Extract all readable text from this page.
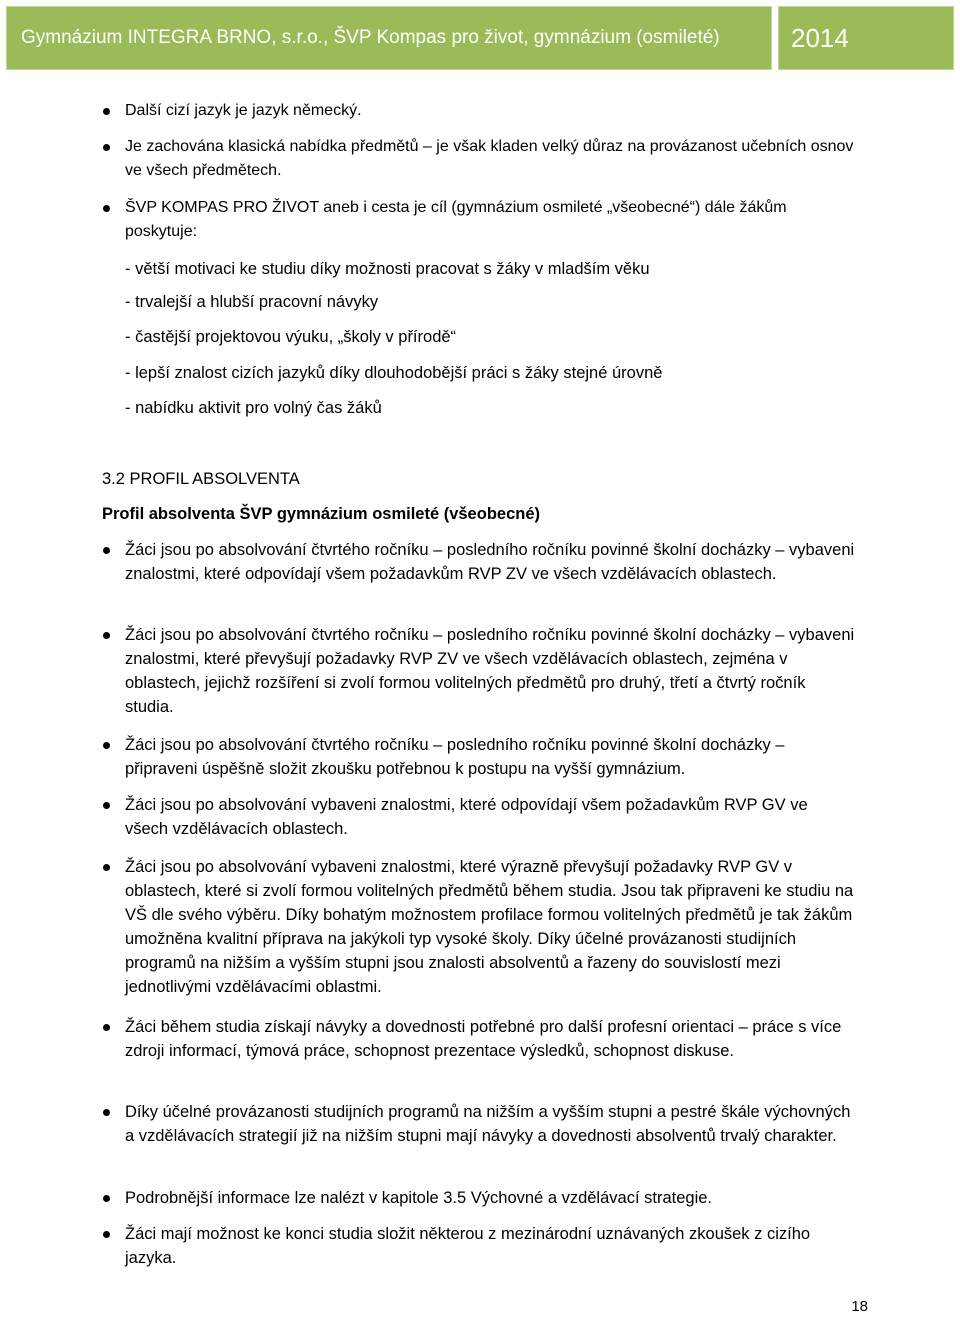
Gymnázium INTEGRA BRNO, s.r.o., ŠVP Kompas pro život, gymnázium (osmileté)	2014
Další cizí jazyk je jazyk německý.
Je zachována klasická nabídka předmětů – je však kladen velký důraz na provázanost učebních osnov ve všech předmětech.
ŠVP KOMPAS PRO ŽIVOT aneb i cesta je cíl (gymnázium osmileté „všeobecné“) dále žákům poskytuje:
- větší motivaci ke studiu díky možnosti pracovat s žáky v mladším věku
- trvalejší a hlubší pracovní návyky
- častější projektovou výuku, „školy v přírodě“
- lepší znalost cizích jazyků díky dlouhodobější práci s žáky stejné úrovně
- nabídku aktivit pro volný čas žáků
3.2 PROFIL ABSOLVENTA
Profil absolventa ŠVP gymnázium osmileté (všeobecné)
Žáci jsou po absolvování čtvrtého ročníku – posledního ročníku povinné školní docházky – vybaveni znalostmi, které odpovídají všem požadavkům RVP ZV ve všech vzdělávacích oblastech.
Žáci jsou po absolvování čtvrtého ročníku – posledního ročníku povinné školní docházky – vybaveni znalostmi, které převyšují požadavky RVP ZV ve všech vzdělávacích oblastech, zejména v oblastech, jejichž rozšíření si zvolí formou volitelných předmětů pro druhý, třetí a čtvrtý ročník studia.
Žáci jsou po absolvování čtvrtého ročníku – posledního ročníku povinné školní docházky – připraveni úspěšně složit zkoušku potřebnou k postupu na vyšší gymnázium.
Žáci jsou po absolvování vybaveni znalostmi, které odpovídají všem požadavkům RVP GV ve všech vzdělávacích oblastech.
Žáci jsou po absolvování vybaveni znalostmi, které výrazně převyšují požadavky RVP GV v oblastech, které si zvolí formou volitelných předmětů během studia. Jsou tak připraveni ke studiu na VŠ dle svého výběru. Díky bohatým možnostem profilace formou volitelných předmětů je tak žákům umožněna kvalitní příprava na jakýkoli typ vysoké školy. Díky účelné provázanosti studijních programů na nižším a vyšším stupni jsou znalosti absolventů a řazeny do souvislostí mezi jednotlivými vzdělávacími oblastmi.
Žáci během studia získají návyky a dovednosti potřebné pro další profesní orientaci – práce s více zdroji informací, týmová práce, schopnost prezentace výsledků, schopnost diskuse.
Díky účelné provázanosti studijních programů na nižším a vyšším stupni a pestré škále výchovných a vzdělávacích strategií již na nižším stupni mají návyky a dovednosti absolventů trvalý charakter.
Podrobnější informace lze nalézt v kapitole 3.5 Výchovné a vzdělávací strategie.
Žáci mají možnost ke konci studia složit některou z mezinárodní uznávaných zkoušek z cizího jazyka.
18
